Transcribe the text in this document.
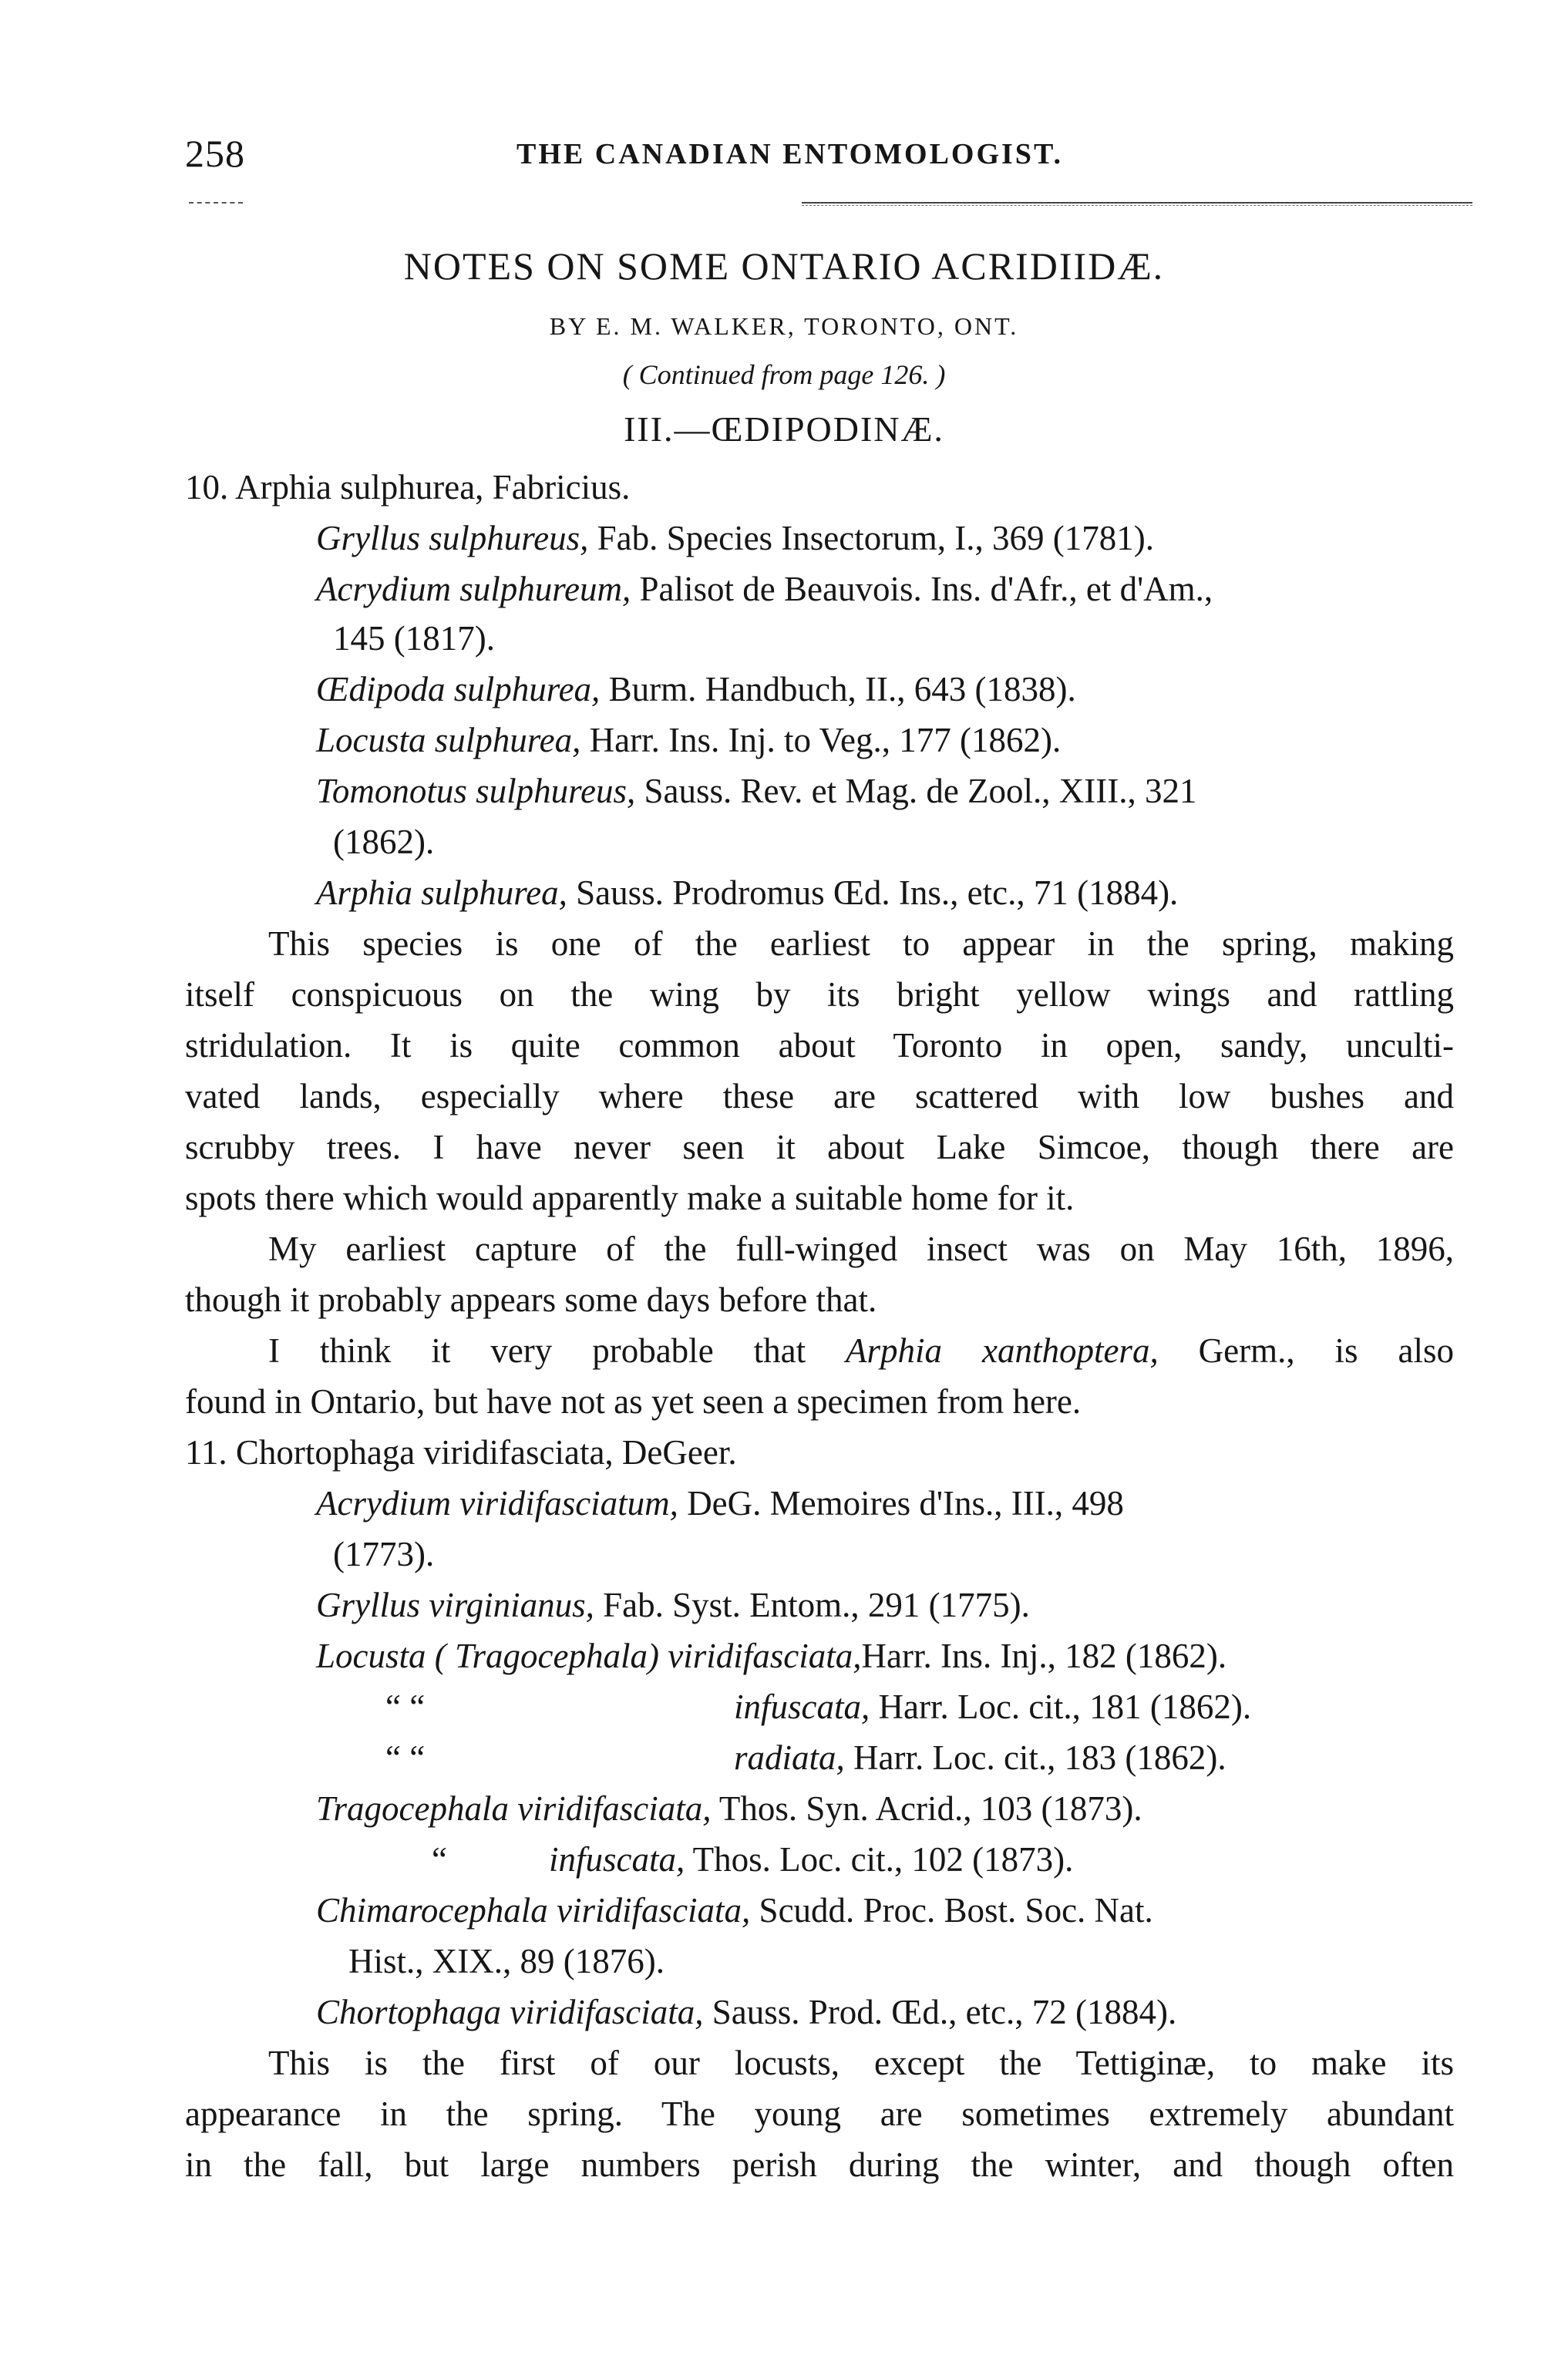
258	THE CANADIAN ENTOMOLOGIST.
NOTES ON SOME ONTARIO ACRIDIIDÆ.
BY E. M. WALKER, TORONTO, ONT.
( Continued from page 126. )
III.—ŒDIPODINÆ.
10. Arphia sulphurea, Fabricius.
Gryllus sulphureus, Fab. Species Insectorum, I., 369 (1781).
Acrydium sulphureum, Palisot de Beauvois. Ins. d'Afr., et d'Am.,
145 (1817).
Œdipoda sulphurea, Burm. Handbuch, II., 643 (1838).
Locusta sulphurea, Harr. Ins. Inj. to Veg., 177 (1862).
Tomonotus sulphureus, Sauss. Rev. et Mag. de Zool., XIII., 321
(1862).
Arphia sulphurea, Sauss. Prodromus Œd. Ins., etc., 71 (1884).
This species is one of the earliest to appear in the spring, making
itself conspicuous on the wing by its bright yellow wings and rattling
stridulation. It is quite common about Toronto in open, sandy, unculti-
vated lands, especially where these are scattered with low bushes and
scrubby trees. I have never seen it about Lake Simcoe, though there are
spots there which would apparently make a suitable home for it.
My earliest capture of the full-winged insect was on May 16th, 1896,
though it probably appears some days before that.
I think it very probable that Arphia xanthoptera, Germ., is also
found in Ontario, but have not as yet seen a specimen from here.
11. Chortophaga viridifasciata, DeGeer.
Acrydium viridifasciatum, DeG. Memoires d'Ins., III., 498
(1773).
Gryllus virginianus, Fab. Syst. Entom., 291 (1775).
Locusta ( Tragocephala) viridifasciata,Harr. Ins. Inj., 182 (1862).
“ “	infuscata, Harr. Loc. cit., 181 (1862).
“ “	radiata, Harr. Loc. cit., 183 (1862).
Tragocephala viridifasciata, Thos. Syn. Acrid., 103 (1873).
“	infuscata, Thos. Loc. cit., 102 (1873).
Chimarocephala viridifasciata, Scudd. Proc. Bost. Soc. Nat.
Hist., XIX., 89 (1876).
Chortophaga viridifasciata, Sauss. Prod. Œd., etc., 72 (1884).
This is the first of our locusts, except the Tettiginæ, to make its
appearance in the spring. The young are sometimes extremely abundant
in the fall, but large numbers perish during the winter, and though often
